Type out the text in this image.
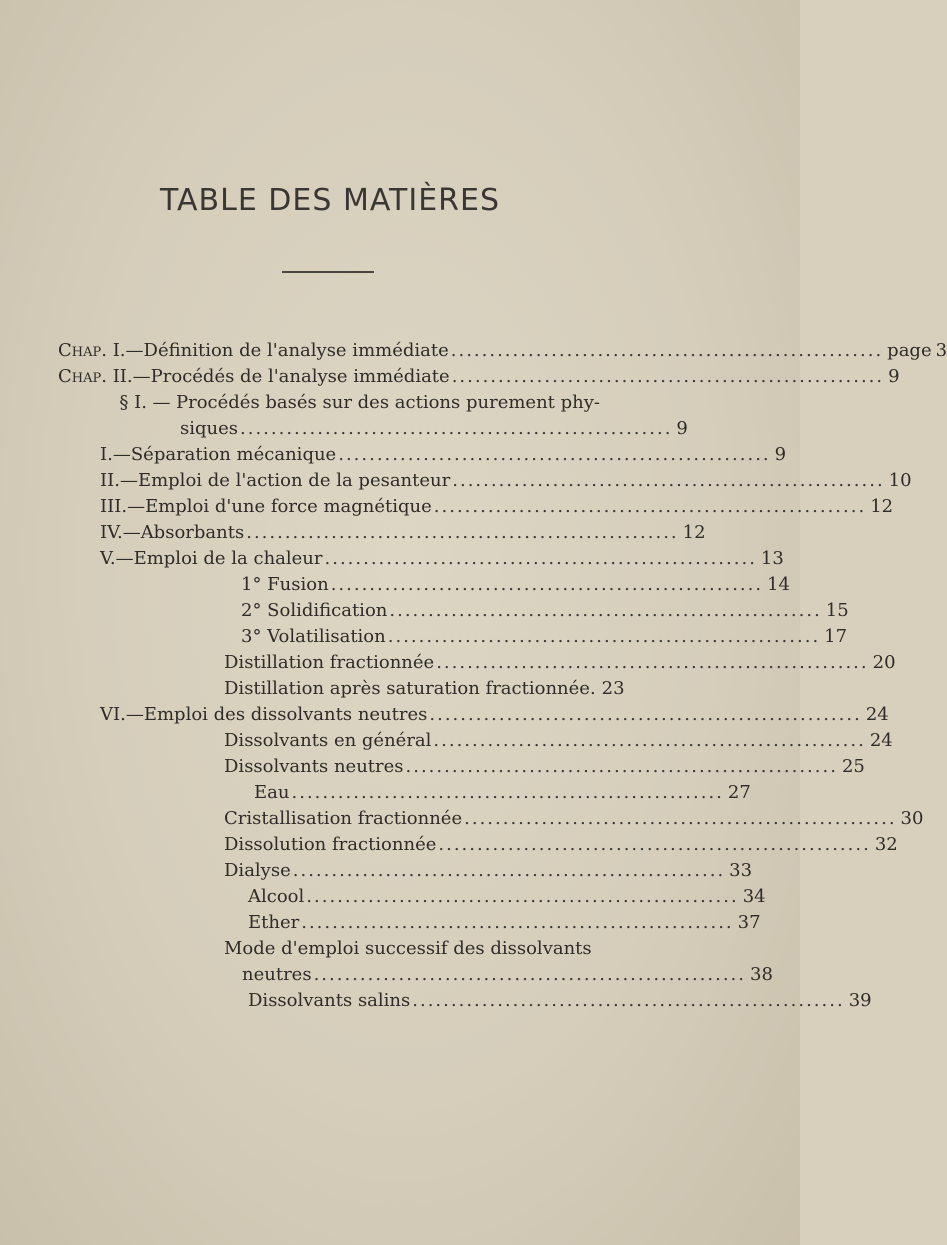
TABLE DES MATIÈRES
Chap. I. — Définition de l'analyse immédiate ........................................................ page 3
Chap. II. — Procédés de l'analyse immédiate ........................................................ 9
§ I. — Procédés basés sur des actions purement phy-
siques ........................................................ 9
I. — Séparation mécanique ........................................................ 9
II. — Emploi de l'action de la pesanteur ........................................................ 10
III. — Emploi d'une force magnétique ........................................................ 12
IV. — Absorbants ........................................................ 12
V. — Emploi de la chaleur ........................................................ 13
1° Fusion ........................................................ 14
2° Solidification ........................................................ 15
3° Volatilisation ........................................................ 17
Distillation fractionnée ........................................................ 20
Distillation après saturation fractionnée. 23
VI. — Emploi des dissolvants neutres ........................................................ 24
Dissolvants en général ........................................................ 24
Dissolvants neutres ........................................................ 25
Eau ........................................................ 27
Cristallisation fractionnée ........................................................ 30
Dissolution fractionnée ........................................................ 32
Dialyse ........................................................ 33
Alcool ........................................................ 34
Ether ........................................................ 37
Mode d'emploi successif des dissolvants
neutres ........................................................ 38
Dissolvants salins ........................................................ 39
